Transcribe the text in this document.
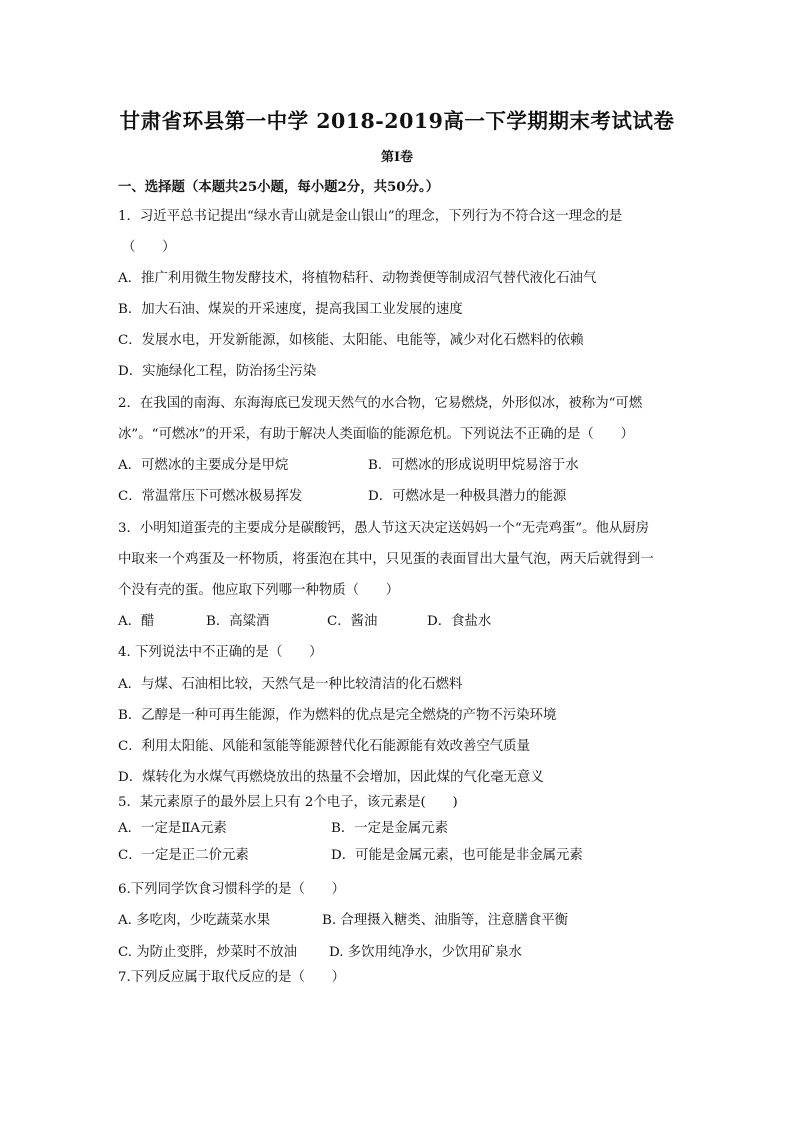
甘肃省环县第一中学 2018-2019高一下学期期末考试试卷
第Ⅰ卷
一、选择题（本题共25小题，每小题2分，共50分。）
1．习近平总书记提出“绿水青山就是金山银山”的理念，下列行为不符合这一理念的是
（　　）
A．推广利用微生物发酵技术，将植物秸秆、动物粪便等制成沼气替代液化石油气
B．加大石油、煤炭的开采速度，提高我国工业发展的速度
C．发展水电，开发新能源，如核能、太阳能、电能等，减少对化石燃料的依赖
D．实施绿化工程，防治扬尘污染
2．在我国的南海、东海海底已发现天然气的水合物，它易燃烧，外形似冰，被称为“可燃
冰”。“可燃冰”的开采，有助于解决人类面临的能源危机。下列说法不正确的是（　　）
A．可燃冰的主要成分是甲烷	B．可燃冰的形成说明甲烷易溶于水
C．常温常压下可燃冰极易挥发	D．可燃冰是一种极具潜力的能源
3．小明知道蛋壳的主要成分是碳酸钙，愚人节这天决定送妈妈一个“无壳鸡蛋”。他从厨房
中取来一个鸡蛋及一杯物质，将蛋泡在其中，只见蛋的表面冒出大量气泡，两天后就得到一
个没有壳的蛋。他应取下列哪一种物质（　　）
A．醋	B．高粱酒	C．酱油	D．食盐水
4. 下列说法中不正确的是（　　）
A．与煤、石油相比较，天然气是一种比较清洁的化石燃料
B．乙醇是一种可再生能源，作为燃料的优点是完全燃烧的产物不污染环境
C．利用太阳能、风能和氢能等能源替代化石能源能有效改善空气质量
D．煤转化为水煤气再燃烧放出的热量不会增加，因此煤的气化毫无意义
5．某元素原子的最外层上只有 2个电子，该元素是(　　)
A．一定是ⅡA元素	B．一定是金属元素
C．一定是正二价元素	D．可能是金属元素，也可能是非金属元素
6.下列同学饮食习惯科学的是（　　）
A. 多吃肉，少吃蔬菜水果	B. 合理摄入糖类、油脂等，注意膳食平衡
C. 为防止变胖，炒菜时不放油 D. 多饮用纯净水，少饮用矿泉水
7.下列反应属于取代反应的是（　　）
